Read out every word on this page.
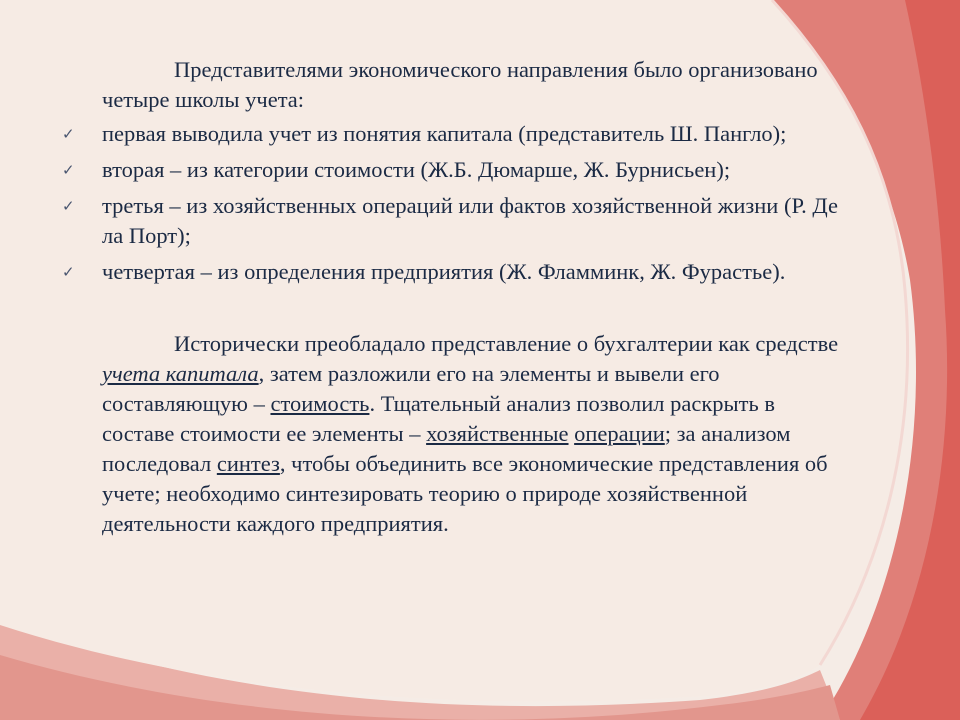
Представителями экономического направления было организовано четыре школы учета:

✓ первая выводила учет из понятия капитала (представитель Ш. Пангло);
✓ вторая – из категории стоимости (Ж.Б. Дюмарше, Ж. Бурнисьен);
✓ третья – из хозяйственных операций или фактов хозяйственной жизни (Р. Де ла Порт);
✓ четвертая – из определения предприятия (Ж. Фламминк, Ж. Фурастье).

Исторически преобладало представление о бухгалтерии как средстве учета капитала, затем разложили его на элементы и вывели его составляющую – стоимость. Тщательный анализ позволил раскрыть в составе стоимости ее элементы – хозяйственные операции; за анализом последовал синтез, чтобы объединить все экономические представления об учете; необходимо синтезировать теорию о природе хозяйственной деятельности каждого предприятия.
